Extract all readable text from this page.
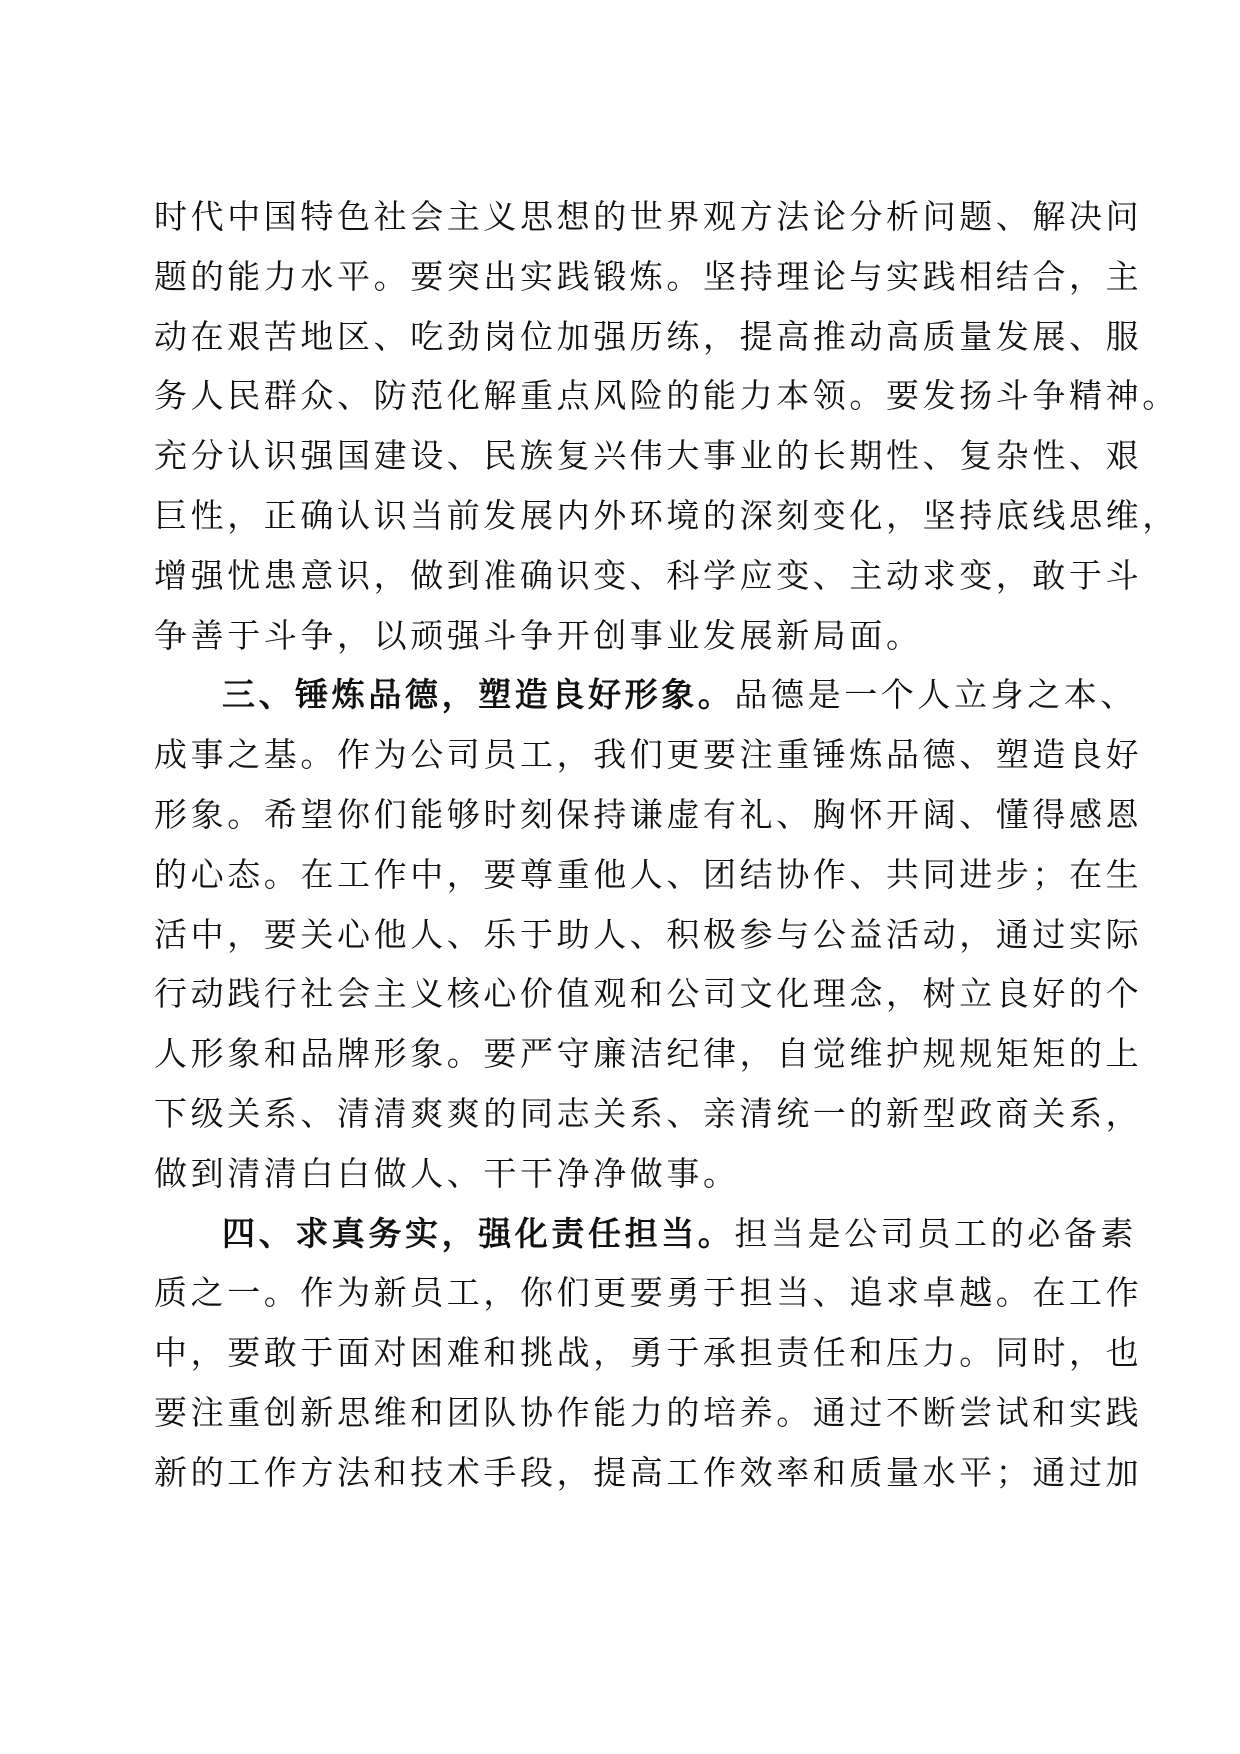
时代中国特色社会主义思想的世界观方法论分析问题、解决问
题的能力水平。要突出实践锻炼。坚持理论与实践相结合，主
动在艰苦地区、吃劲岗位加强历练，提高推动高质量发展、服
务人民群众、防范化解重点风险的能力本领。要发扬斗争精神。
充分认识强国建设、民族复兴伟大事业的长期性、复杂性、艰
巨性，正确认识当前发展内外环境的深刻变化，坚持底线思维，
增强忧患意识，做到准确识变、科学应变、主动求变，敢于斗
争善于斗争，以顽强斗争开创事业发展新局面。
三、锤炼品德，塑造良好形象。品德是一个人立身之本、
成事之基。作为公司员工，我们更要注重锤炼品德、塑造良好
形象。希望你们能够时刻保持谦虚有礼、胸怀开阔、懂得感恩
的心态。在工作中，要尊重他人、团结协作、共同进步；在生
活中，要关心他人、乐于助人、积极参与公益活动，通过实际
行动践行社会主义核心价值观和公司文化理念，树立良好的个
人形象和品牌形象。要严守廉洁纪律，自觉维护规规矩矩的上
下级关系、清清爽爽的同志关系、亲清统一的新型政商关系，
做到清清白白做人、干干净净做事。
四、求真务实，强化责任担当。担当是公司员工的必备素
质之一。作为新员工，你们更要勇于担当、追求卓越。在工作
中，要敢于面对困难和挑战，勇于承担责任和压力。同时，也
要注重创新思维和团队协作能力的培养。通过不断尝试和实践
新的工作方法和技术手段，提高工作效率和质量水平；通过加
